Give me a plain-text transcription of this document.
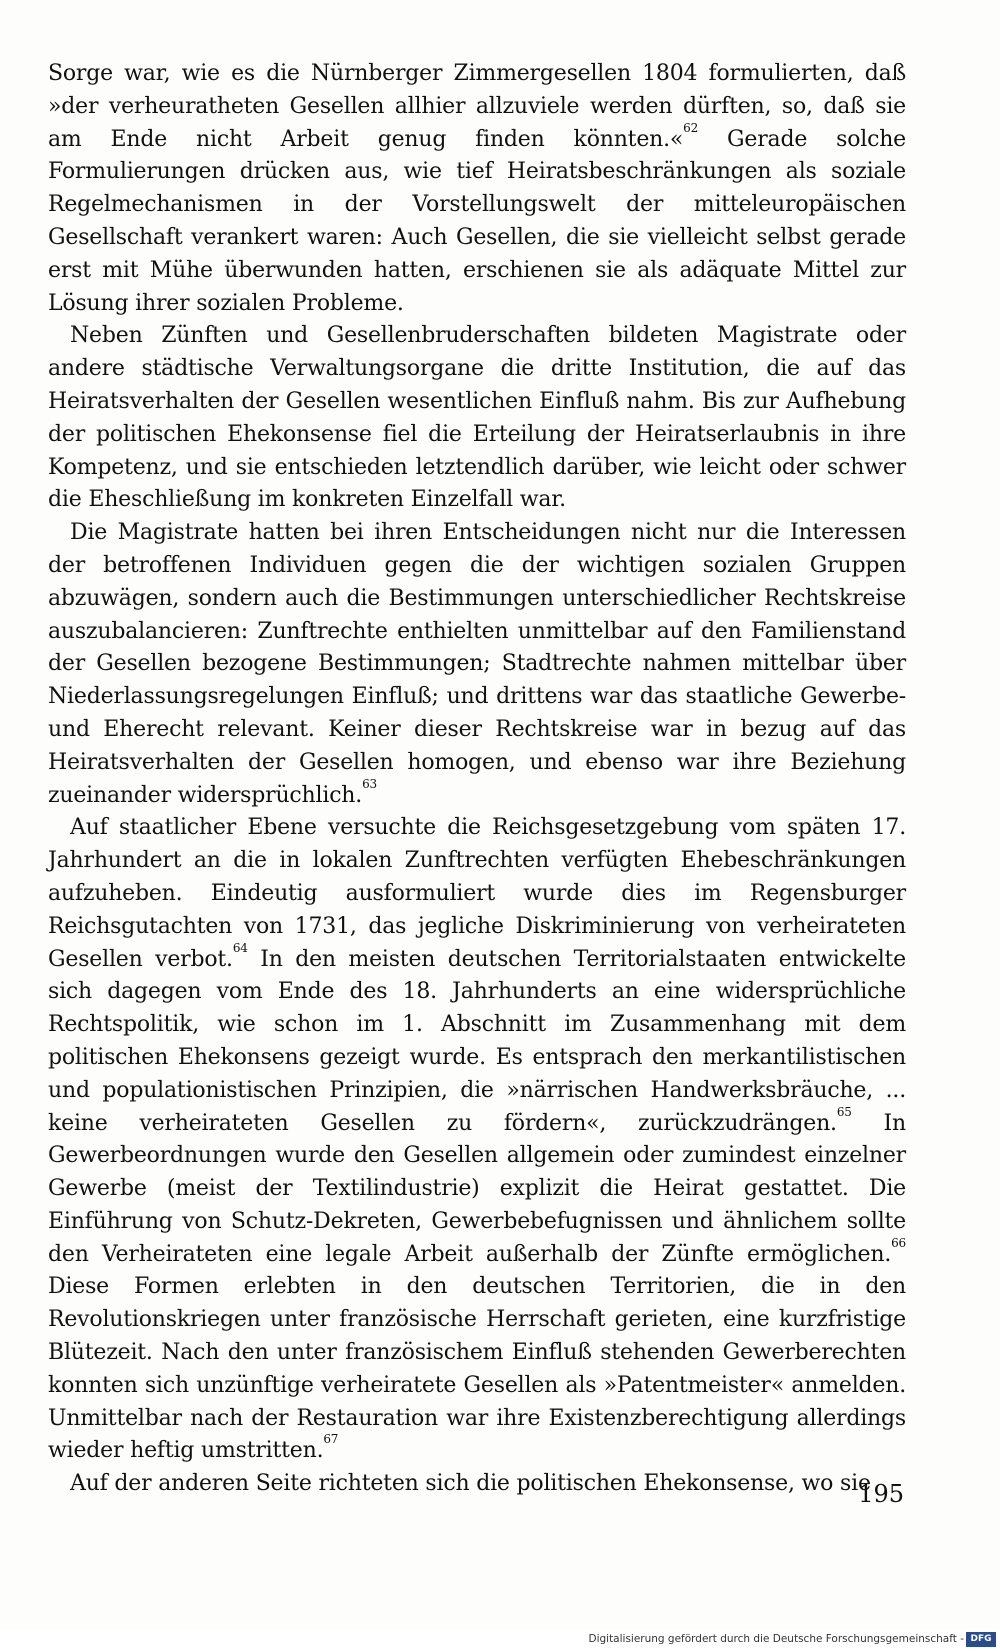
Sorge war, wie es die Nürnberger Zimmergesellen 1804 formulierten, daß »der verheuratheten Gesellen allhier allzuviele werden dürften, so, daß sie am Ende nicht Arbeit genug finden könnten.«$^{62}$ Gerade solche Formulierungen drücken aus, wie tief Heiratsbeschränkungen als soziale Regelmechanismen in der Vorstellungswelt der mitteleuropäischen Gesellschaft verankert waren: Auch Gesellen, die sie vielleicht selbst gerade erst mit Mühe überwunden hatten, erschienen sie als adäquate Mittel zur Lösung ihrer sozialen Probleme.

Neben Zünften und Gesellenbruderschaften bildeten Magistrate oder andere städtische Verwaltungsorgane die dritte Institution, die auf das Heiratsverhalten der Gesellen wesentlichen Einfluß nahm. Bis zur Aufhebung der politischen Ehekonsense fiel die Erteilung der Heiratserlaubnis in ihre Kompetenz, und sie entschieden letztendlich darüber, wie leicht oder schwer die Eheschließung im konkreten Einzelfall war.

Die Magistrate hatten bei ihren Entscheidungen nicht nur die Interessen der betroffenen Individuen gegen die der wichtigen sozialen Gruppen abzuwägen, sondern auch die Bestimmungen unterschiedlicher Rechtskreise auszubalancieren: Zunftrechte enthielten unmittelbar auf den Familienstand der Gesellen bezogene Bestimmungen; Stadtrechte nahmen mittelbar über Niederlassungsregelungen Einfluß; und drittens war das staatliche Gewerbe- und Eherecht relevant. Keiner dieser Rechtskreise war in bezug auf das Heiratsverhalten der Gesellen homogen, und ebenso war ihre Beziehung zueinander widersprüchlich.$^{63}$

Auf staatlicher Ebene versuchte die Reichsgesetzgebung vom späten 17. Jahrhundert an die in lokalen Zunftrechten verfügten Ehebeschränkungen aufzuheben. Eindeutig ausformuliert wurde dies im Regensburger Reichsgutachten von 1731, das jegliche Diskriminierung von verheirateten Gesellen verbot.$^{64}$ In den meisten deutschen Territorialstaaten entwickelte sich dagegen vom Ende des 18. Jahrhunderts an eine widersprüchliche Rechtspolitik, wie schon im 1. Abschnitt im Zusammenhang mit dem politischen Ehekonsens gezeigt wurde. Es entsprach den merkantilistischen und populationistischen Prinzipien, die »närrischen Handwerksbräuche, ... keine verheirateten Gesellen zu fördern«, zurückzudrängen.$^{65}$ In Gewerbeordnungen wurde den Gesellen allgemein oder zumindest einzelner Gewerbe (meist der Textilindustrie) explizit die Heirat gestattet. Die Einführung von Schutz-Dekreten, Gewerbebefugnissen und ähnlichem sollte den Verheirateten eine legale Arbeit außerhalb der Zünfte ermöglichen.$^{66}$ Diese Formen erlebten in den deutschen Territorien, die in den Revolutionskriegen unter französische Herrschaft gerieten, eine kurzfristige Blütezeit. Nach den unter französischem Einfluß stehenden Gewerberechten konnten sich unzünftige verheiratete Gesellen als »Patentmeister« anmelden. Unmittelbar nach der Restauration war ihre Existenzberechtigung allerdings wieder heftig umstritten.$^{67}$

Auf der anderen Seite richteten sich die politischen Ehekonsense, wo sie

195
Digitalisierung gefördert durch die Deutsche Forschungsgemeinschaft - DFG
